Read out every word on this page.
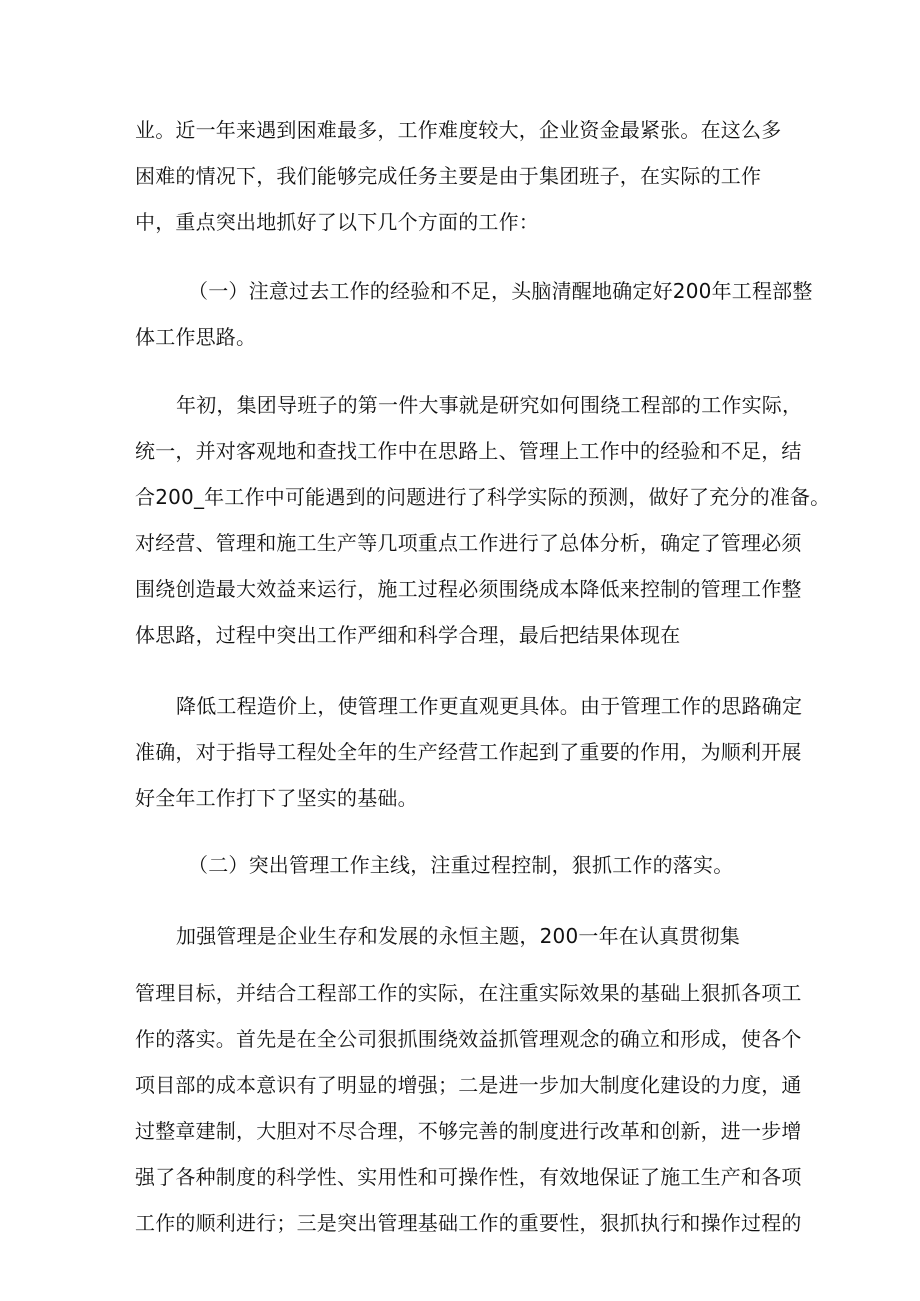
业。近一年来遇到困难最多，工作难度较大，企业资金最紧张。在这么多
困难的情况下，我们能够完成任务主要是由于集团班子，在实际的工作
中，重点突出地抓好了以下几个方面的工作：
（一）注意过去工作的经验和不足，头脑清醒地确定好200年工程部整
体工作思路。
年初，集团导班子的第一件大事就是研究如何围绕工程部的工作实际，
统一，并对客观地和查找工作中在思路上、管理上工作中的经验和不足，结
合200_年工作中可能遇到的问题进行了科学实际的预测，做好了充分的准备。
对经营、管理和施工生产等几项重点工作进行了总体分析，确定了管理必须
围绕创造最大效益来运行，施工过程必须围绕成本降低来控制的管理工作整
体思路，过程中突出工作严细和科学合理，最后把结果体现在
降低工程造价上，使管理工作更直观更具体。由于管理工作的思路确定
准确，对于指导工程处全年的生产经营工作起到了重要的作用，为顺利开展
好全年工作打下了坚实的基础。
（二）突出管理工作主线，注重过程控制，狠抓工作的落实。
加强管理是企业生存和发展的永恒主题，200一年在认真贯彻集
管理目标，并结合工程部工作的实际，在注重实际效果的基础上狠抓各项工
作的落实。首先是在全公司狠抓围绕效益抓管理观念的确立和形成，使各个
项目部的成本意识有了明显的增强；二是进一步加大制度化建设的力度，通
过整章建制，大胆对不尽合理，不够完善的制度进行改革和创新，进一步增
强了各种制度的科学性、实用性和可操作性，有效地保证了施工生产和各项
工作的顺利进行；三是突出管理基础工作的重要性，狠抓执行和操作过程的
